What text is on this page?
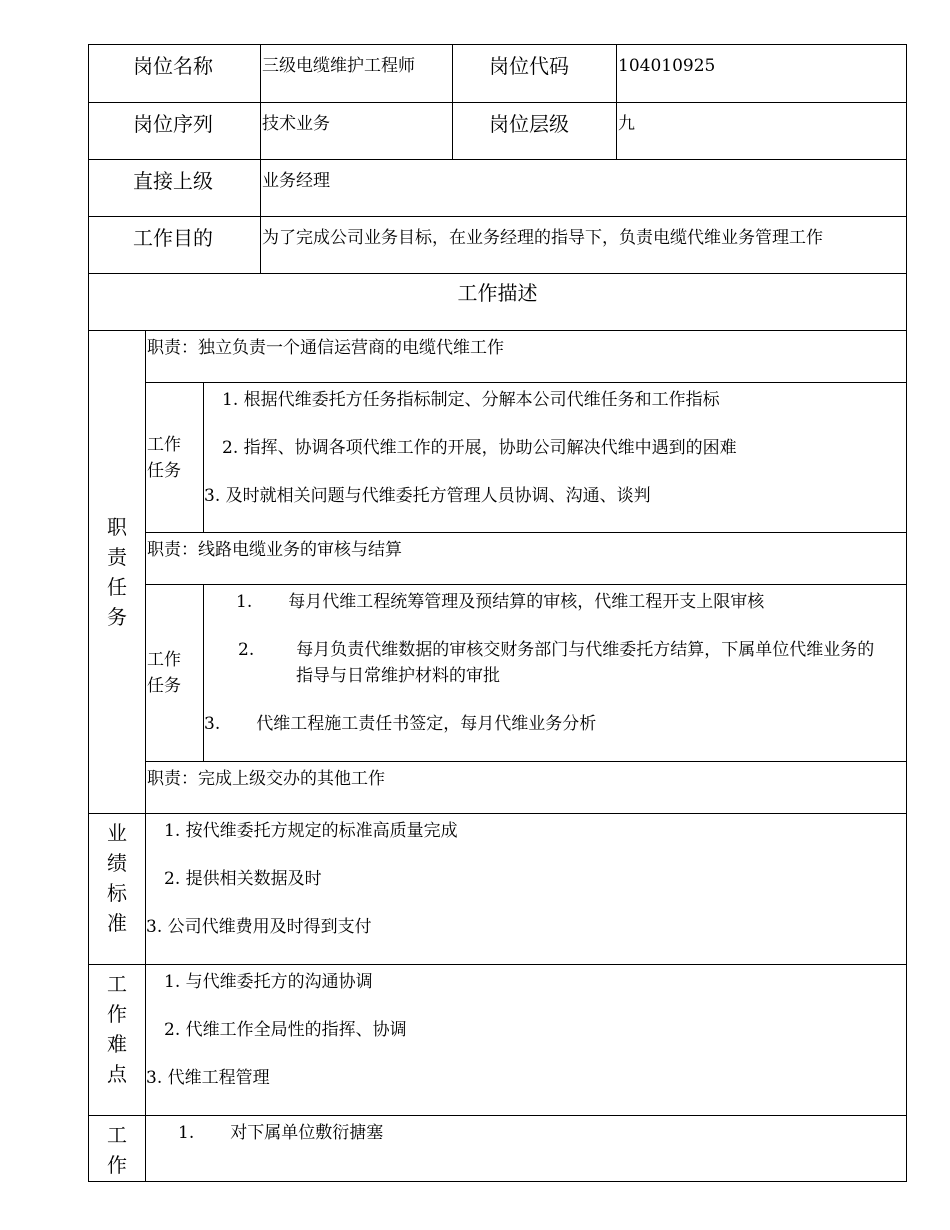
岗位名称			三级电缆维护工程师	岗位代码	104010925
岗位序列			技术业务	岗位层级	九
直接上级			业务经理		
工作目的			为了完成公司业务目标，在业务经理的指导下，负责电缆代维业务管理工作		
工作描述					

职
责
任
务	职责：独立负责一个通信运营商的电缆代维工作				
	工作
任务	1. 根据代维委托方任务指标制定、分解本公司代维任务和工作指标
2. 指挥、协调各项代维工作的开展，协助公司解决代维中遇到的困难
3. 及时就相关问题与代维委托方管理人员协调、沟通、谈判			

	职责：线路电缆业务的审核与结算				
	工作
任务	1. 每月代维工程统筹管理及预结算的审核，代维工程开支上限审核
2. 每月负责代维数据的审核交财务部门与代维委托方结算，下属单位代维业务的指导与日常维护材料的审批
3. 代维工程施工责任书签定，每月代维业务分析			

	职责：完成上级交办的其他工作				

业
绩
标
准	1. 按代维委托方规定的标准高质量完成
2. 提供相关数据及时
3. 公司代维费用及时得到支付				

工
作
难
点	1. 与代维委托方的沟通协调
2. 代维工作全局性的指挥、协调
3. 代维工程管理				

工
作	1. 对下属单位敷衍搪塞				
